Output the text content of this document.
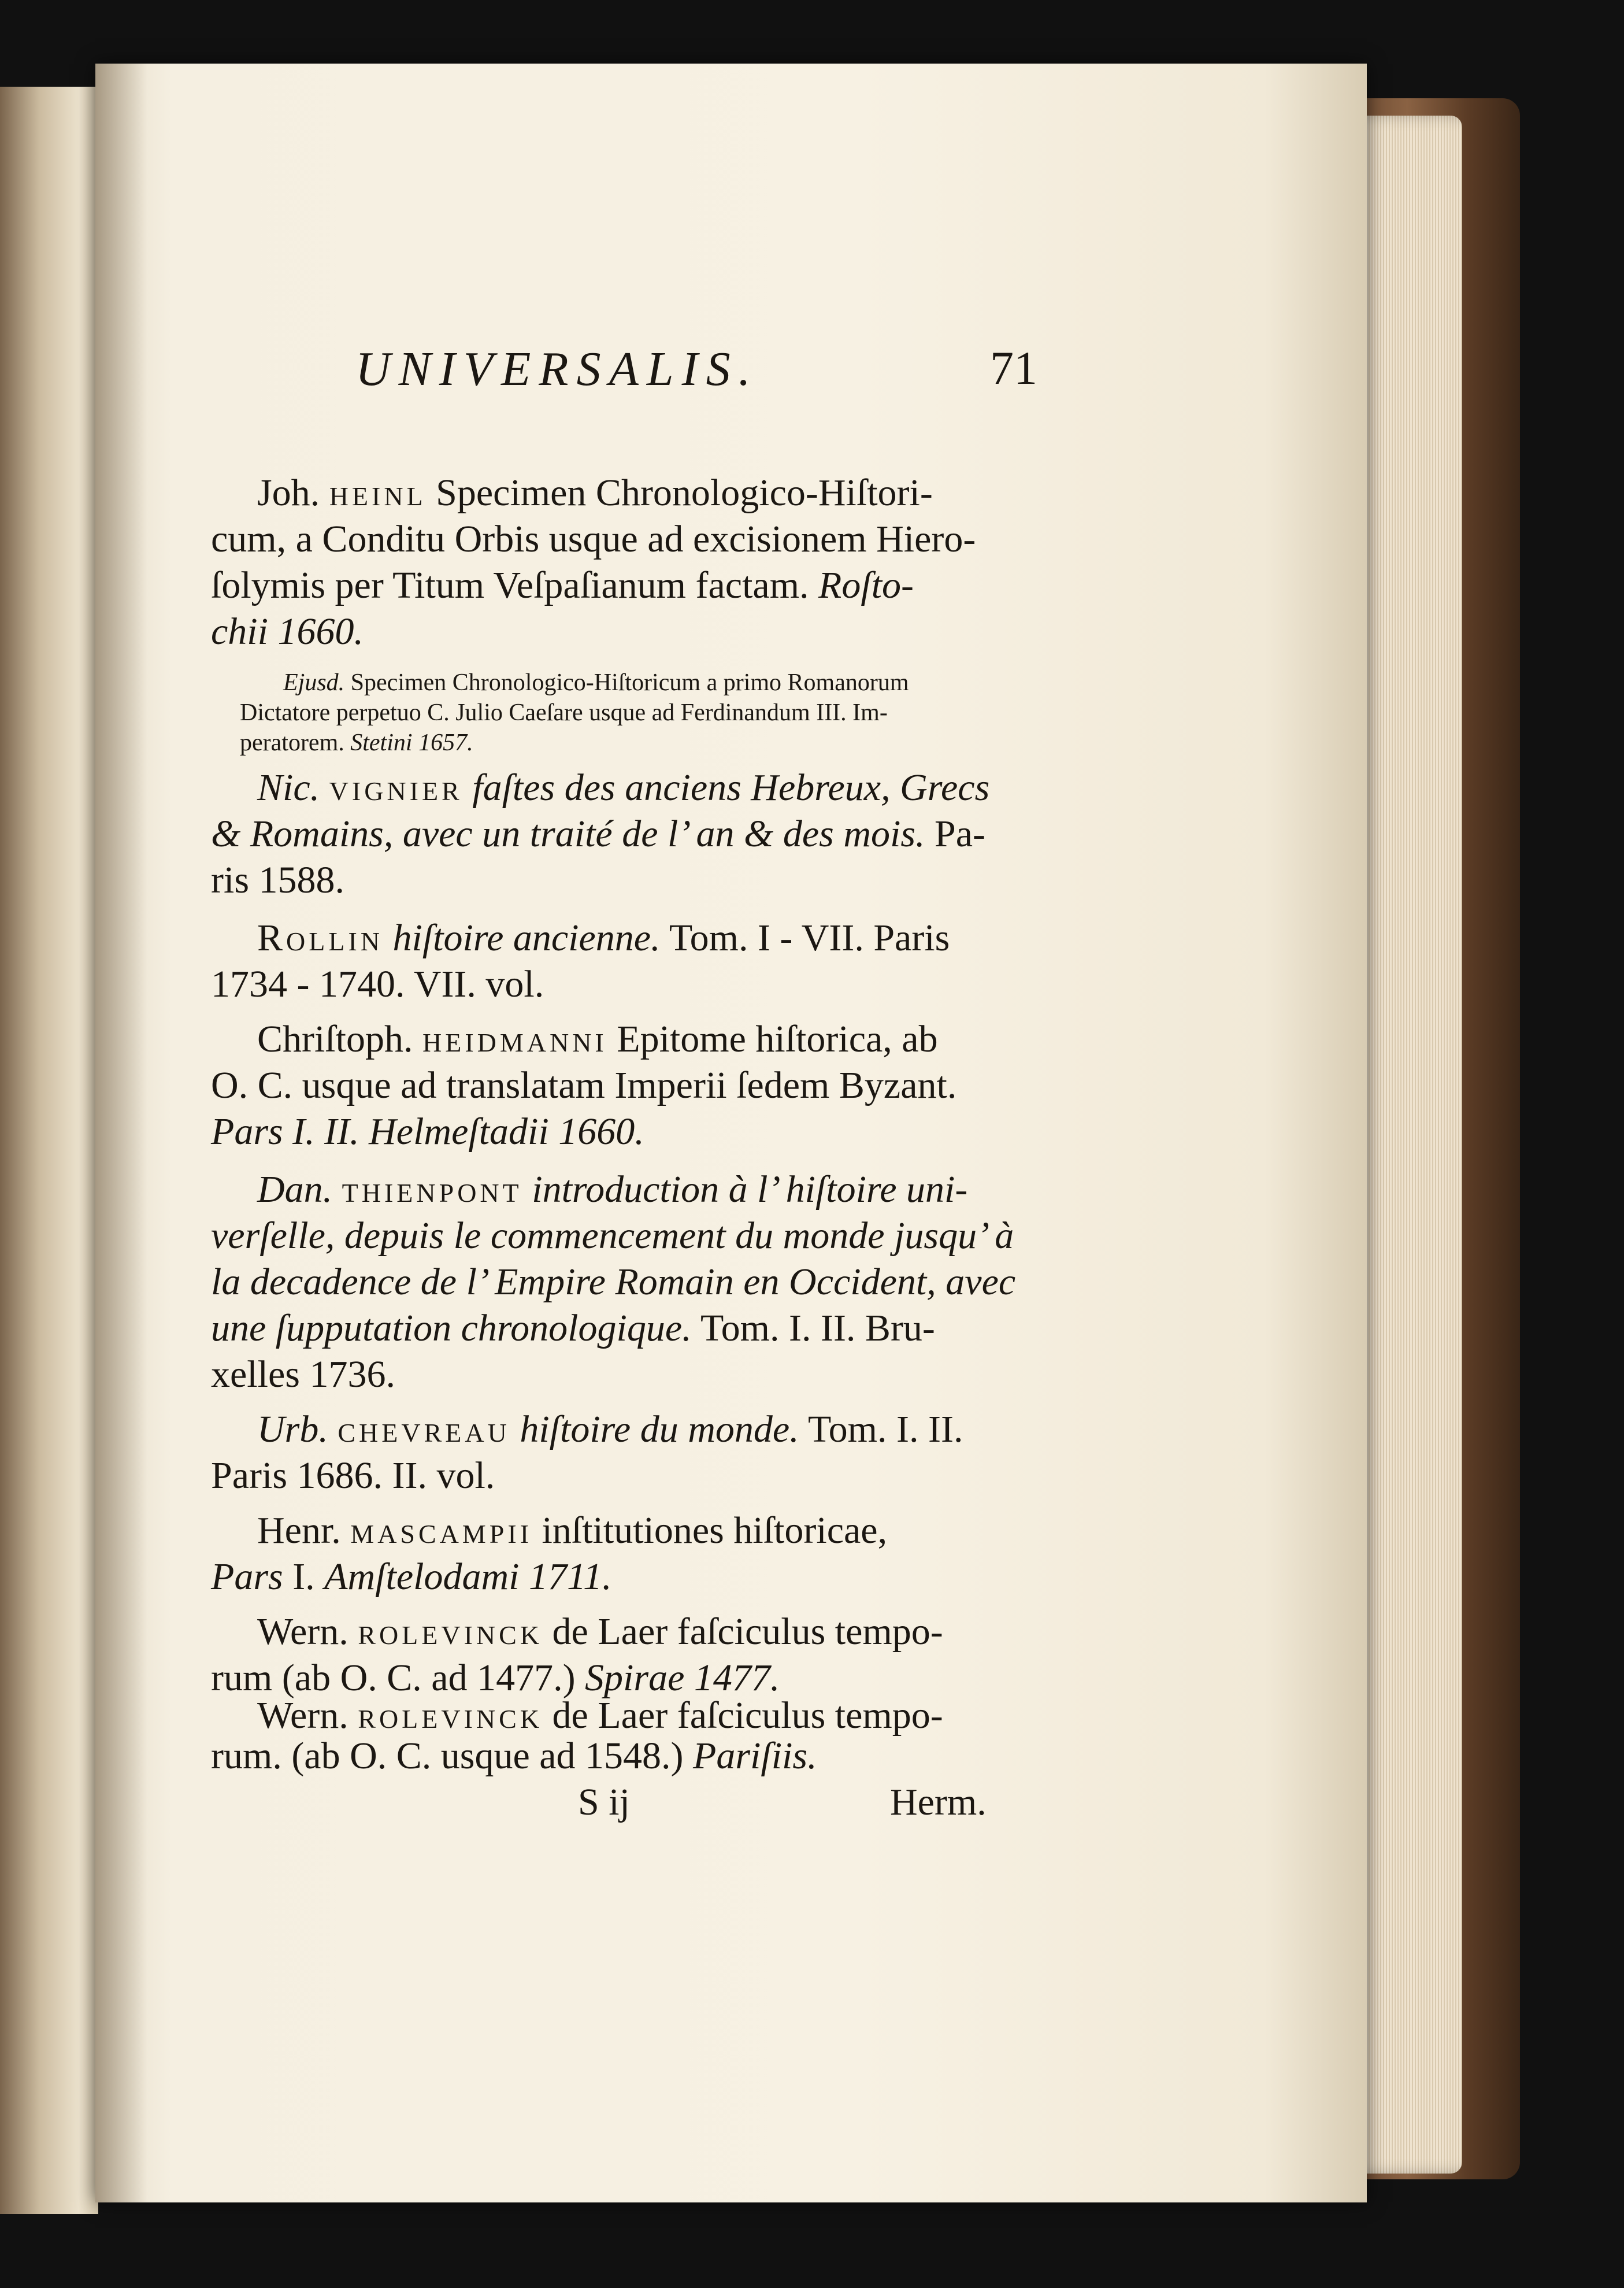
UNIVERSALIS.	71
Joh. heinl Specimen Chronologico-Hiſtori-
cum, a Conditu Orbis usque ad excisionem Hiero-
ſolymis per Titum Veſpaſianum factam. Roſto-
chii 1660.
Ejusd. Specimen Chronologico-Hiſtoricum a primo Romanorum
Dictatore perpetuo C. Julio Caeſare usque ad Ferdinandum III. Im-
peratorem. Stetini 1657.
Nic. vignier faſtes des anciens Hebreux, Grecs
& Romains, avec un traité de l’ an & des mois. Pa-
ris 1588.
Rollin hiſtoire ancienne. Tom. I - VII. Paris
1734 - 1740. VII. vol.
Chriſtoph. heidmanni Epitome hiſtorica, ab
O. C. usque ad translatam Imperii ſedem Byzant.
Pars I. II. Helmeſtadii 1660.
Dan. thienpont introduction à l’ hiſtoire uni-
verſelle, depuis le commencement du monde jusqu’ à
la decadence de l’ Empire Romain en Occident, avec
une ſupputation chronologique. Tom. I. II. Bru-
xelles 1736.
Urb. chevreau hiſtoire du monde. Tom. I. II.
Paris 1686. II. vol.
Henr. mascampii inſtitutiones hiſtoricae,
Pars I. Amſtelodami 1711.
Wern. rolevinck de Laer faſciculus tempo-
rum (ab O. C. ad 1477.) Spirae 1477.
Wern. rolevinck de Laer faſciculus tempo-
rum. (ab O. C. usque ad 1548.) Pariſiis.
S ij	Herm.
